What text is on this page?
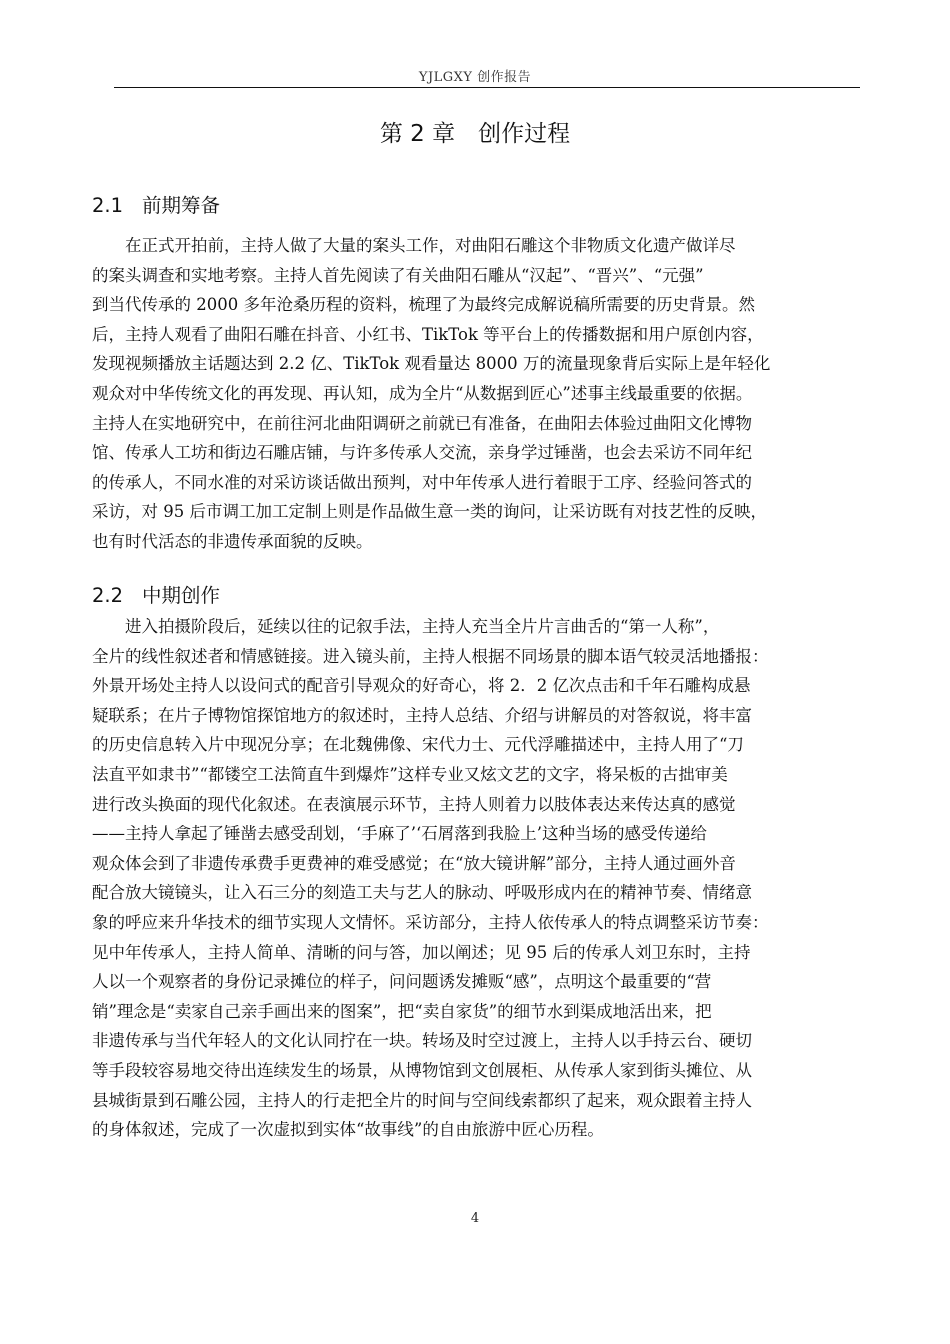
YJLGXY 创作报告
第 2 章　创作过程
2.1 前期筹备
　　在正式开拍前，主持人做了大量的案头工作，对曲阳石雕这个非物质文化遗产做详尽
的案头调查和实地考察。主持人首先阅读了有关曲阳石雕从“汉起”、“晋兴”、“元强”
到当代传承的 2000 多年沧桑历程的资料，梳理了为最终完成解说稿所需要的历史背景。然
后，主持人观看了曲阳石雕在抖音、小红书、TikTok 等平台上的传播数据和用户原创内容，
发现视频播放主话题达到 2.2 亿、TikTok 观看量达 8000 万的流量现象背后实际上是年轻化
观众对中华传统文化的再发现、再认知，成为全片“从数据到匠心”述事主线最重要的依据。
主持人在实地研究中，在前往河北曲阳调研之前就已有准备，在曲阳去体验过曲阳文化博物
馆、传承人工坊和街边石雕店铺，与许多传承人交流，亲身学过锤凿，也会去采访不同年纪
的传承人，不同水准的对采访谈话做出预判，对中年传承人进行着眼于工序、经验问答式的
采访，对 95 后市调工加工定制上则是作品做生意一类的询问，让采访既有对技艺性的反映，
也有时代活态的非遗传承面貌的反映。
2.2 中期创作
　　进入拍摄阶段后，延续以往的记叙手法，主持人充当全片片言曲舌的“第一人称”，
全片的线性叙述者和情感链接。进入镜头前，主持人根据不同场景的脚本语气较灵活地播报：
外景开场处主持人以设问式的配音引导观众的好奇心，将 2．2 亿次点击和千年石雕构成悬
疑联系；在片子博物馆探馆地方的叙述时，主持人总结、介绍与讲解员的对答叙说，将丰富
的历史信息转入片中现况分享；在北魏佛像、宋代力士、元代浮雕描述中，主持人用了“刀
法直平如隶书”“都镂空工法简直牛到爆炸”这样专业又炫文艺的文字，将呆板的古拙审美
进行改头换面的现代化叙述。在表演展示环节，主持人则着力以肢体表达来传达真的感觉
——主持人拿起了锤凿去感受刮划，‘手麻了’‘石屑落到我脸上’这种当场的感受传递给
观众体会到了非遗传承费手更费神的难受感觉；在“放大镜讲解”部分，主持人通过画外音
配合放大镜镜头，让入石三分的刻造工夫与艺人的脉动、呼吸形成内在的精神节奏、情绪意
象的呼应来升华技术的细节实现人文情怀。采访部分，主持人依传承人的特点调整采访节奏：
见中年传承人，主持人简单、清晰的问与答，加以阐述；见 95 后的传承人刘卫东时，主持
人以一个观察者的身份记录摊位的样子，问问题诱发摊贩“感”，点明这个最重要的“营
销”理念是“卖家自己亲手画出来的图案”，把“卖自家货”的细节水到渠成地活出来，把
非遗传承与当代年轻人的文化认同拧在一块。转场及时空过渡上，主持人以手持云台、硬切
等手段较容易地交待出连续发生的场景，从博物馆到文创展柜、从传承人家到街头摊位、从
县城街景到石雕公园，主持人的行走把全片的时间与空间线索都织了起来，观众跟着主持人
的身体叙述，完成了一次虚拟到实体“故事线”的自由旅游中匠心历程。
4
